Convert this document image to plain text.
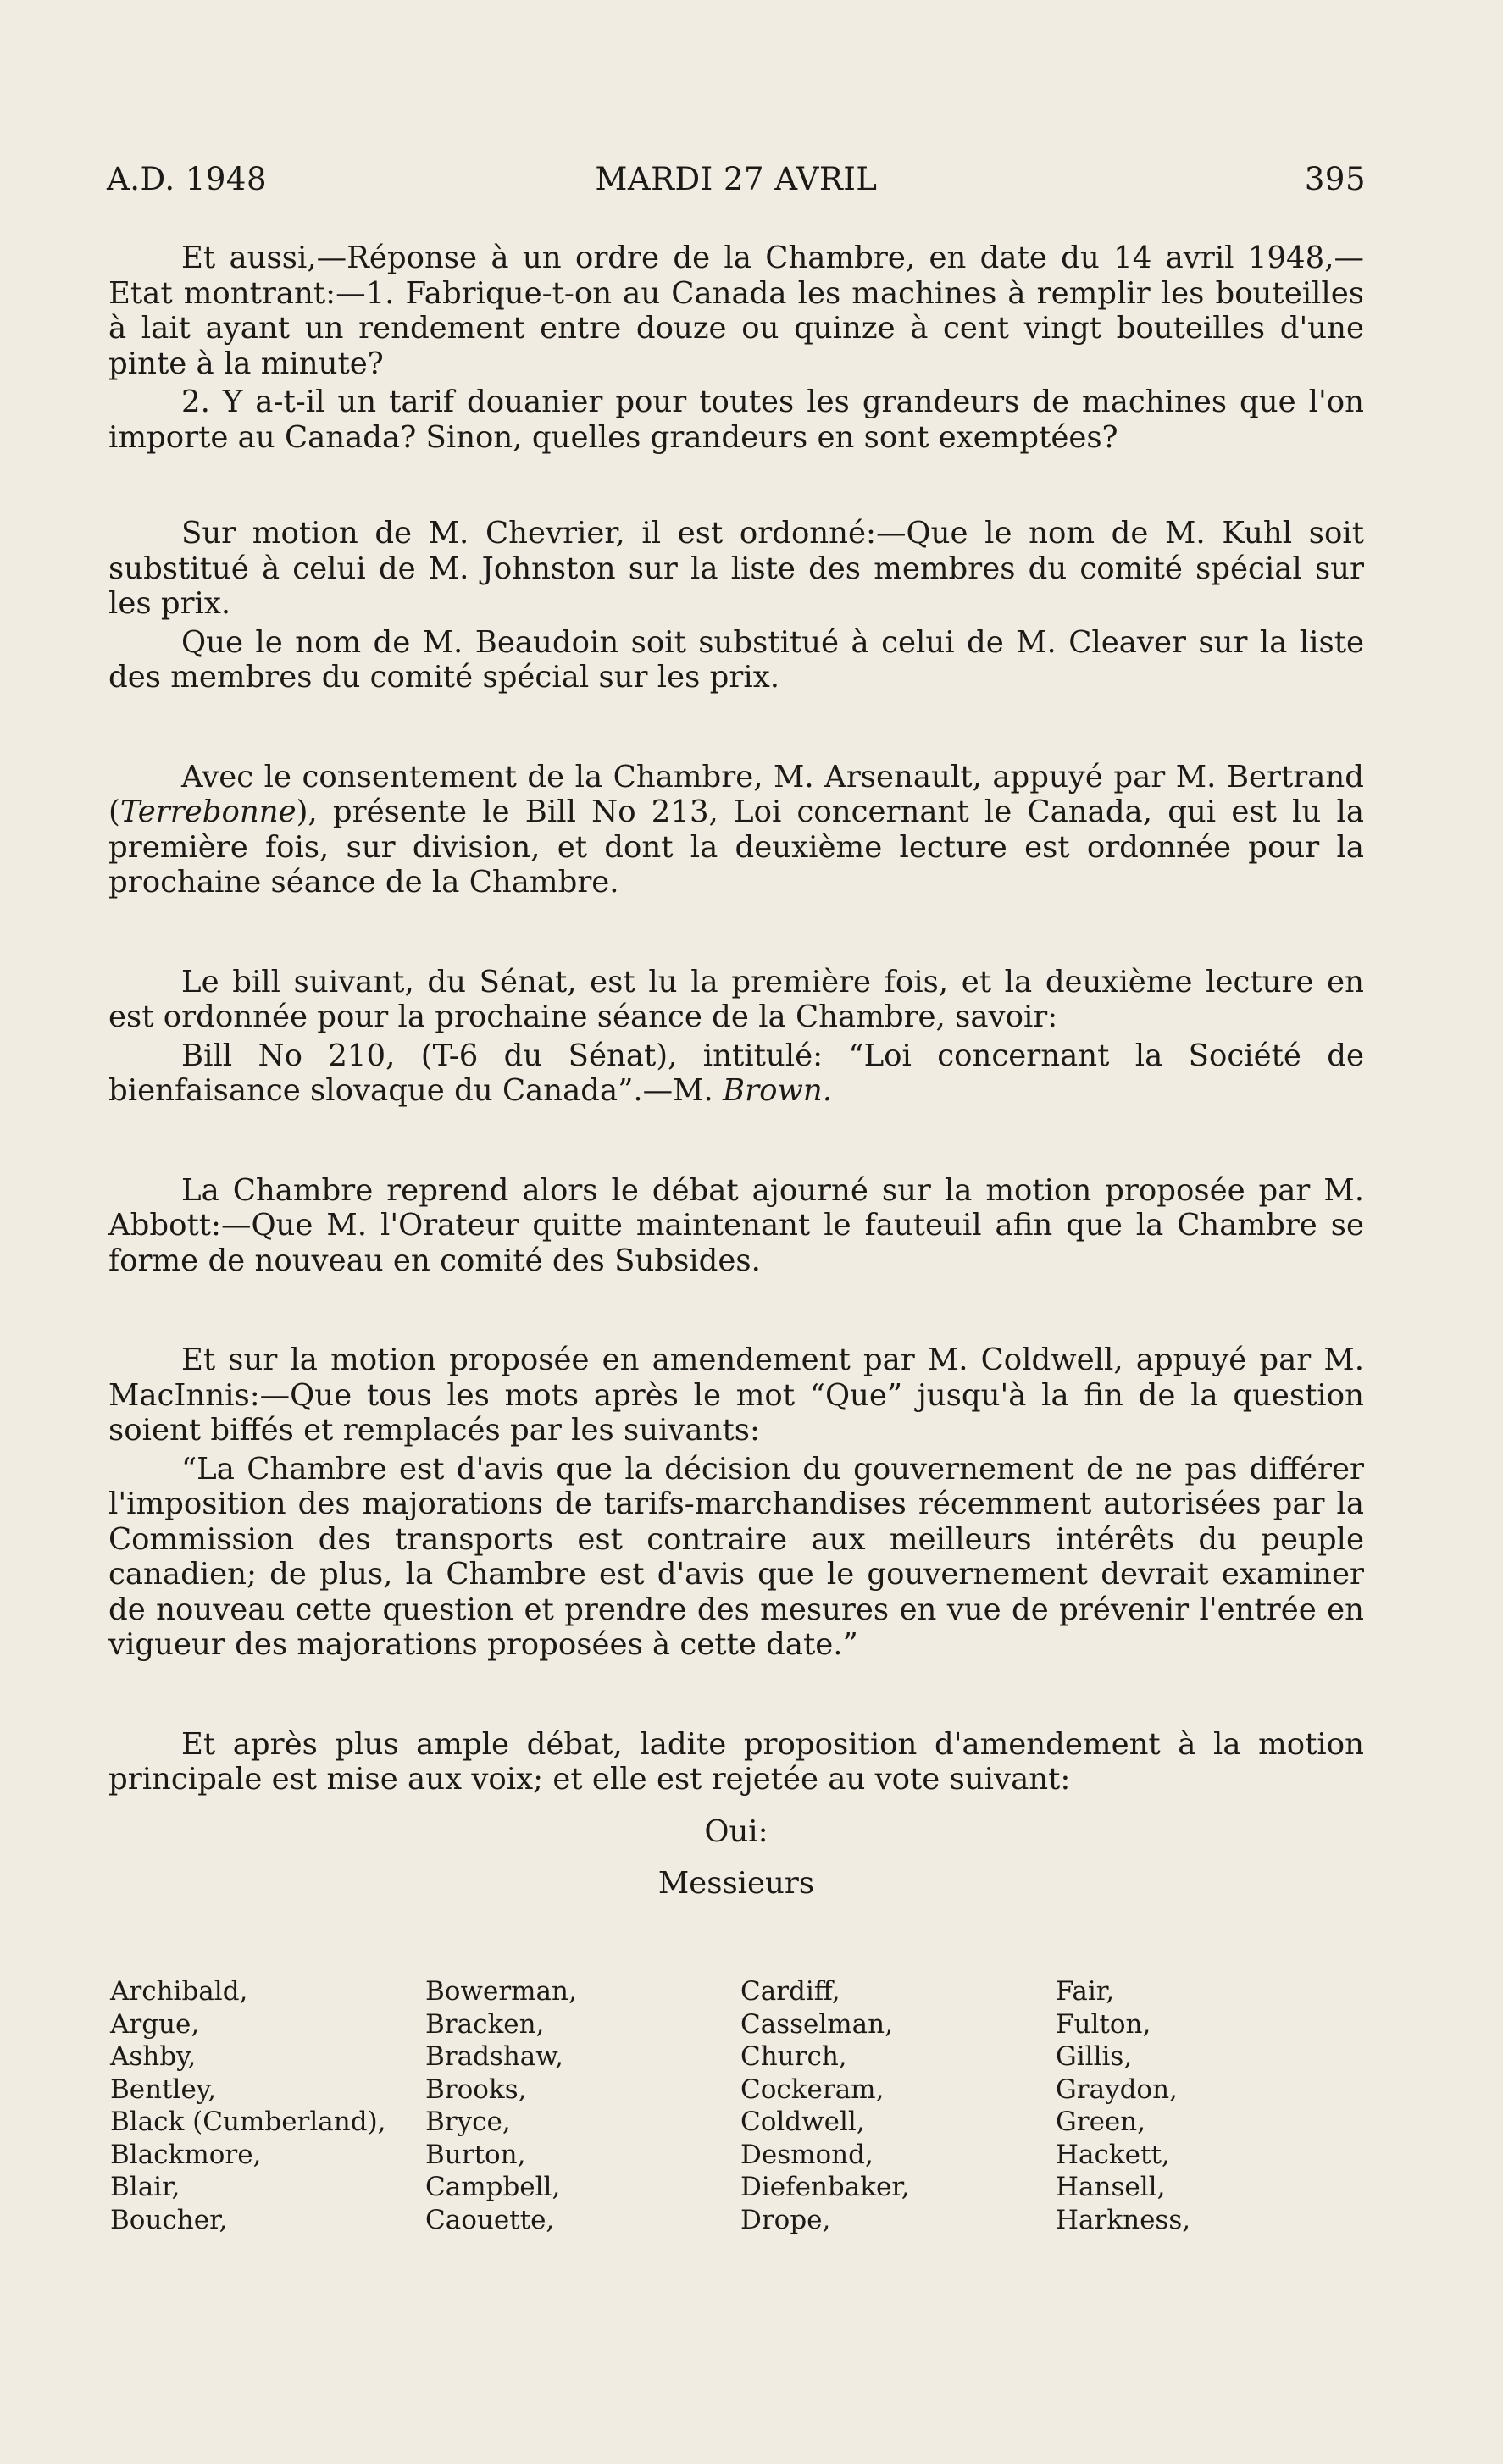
A.D. 1948	MARDI 27 AVRIL	395

Et aussi,—Réponse à un ordre de la Chambre, en date du 14 avril 1948,—Etat montrant:—1. Fabrique-t-on au Canada les machines à remplir les bouteilles à lait ayant un rendement entre douze ou quinze à cent vingt bouteilles d'une pinte à la minute?

2. Y a-t-il un tarif douanier pour toutes les grandeurs de machines que l'on importe au Canada? Sinon, quelles grandeurs en sont exemptées?

Sur motion de M. Chevrier, il est ordonné:—Que le nom de M. Kuhl soit substitué à celui de M. Johnston sur la liste des membres du comité spécial sur les prix.

Que le nom de M. Beaudoin soit substitué à celui de M. Cleaver sur la liste des membres du comité spécial sur les prix.

Avec le consentement de la Chambre, M. Arsenault, appuyé par M. Bertrand (Terrebonne), présente le Bill No 213, Loi concernant le Canada, qui est lu la première fois, sur division, et dont la deuxième lecture est ordonnée pour la prochaine séance de la Chambre.

Le bill suivant, du Sénat, est lu la première fois, et la deuxième lecture en est ordonnée pour la prochaine séance de la Chambre, savoir:

Bill No 210, (T-6 du Sénat), intitulé: “Loi concernant la Société de bienfaisance slovaque du Canada”.—M. Brown.

La Chambre reprend alors le débat ajourné sur la motion proposée par M. Abbott:—Que M. l'Orateur quitte maintenant le fauteuil afin que la Chambre se forme de nouveau en comité des Subsides.

Et sur la motion proposée en amendement par M. Coldwell, appuyé par M. MacInnis:—Que tous les mots après le mot “Que” jusqu'à la fin de la question soient biffés et remplacés par les suivants:

“La Chambre est d'avis que la décision du gouvernement de ne pas différer l'imposition des majorations de tarifs-marchandises récemment autorisées par la Commission des transports est contraire aux meilleurs intérêts du peuple canadien; de plus, la Chambre est d'avis que le gouvernement devrait examiner de nouveau cette question et prendre des mesures en vue de prévenir l'entrée en vigueur des majorations proposées à cette date.”

Et après plus ample débat, ladite proposition d'amendement à la motion principale est mise aux voix; et elle est rejetée au vote suivant:

Oui:

Messieurs

Archibald,
Argue,
Ashby,
Bentley,
Black (Cumberland),
Blackmore,
Blair,
Boucher,
Bowerman,
Bracken,
Bradshaw,
Brooks,
Bryce,
Burton,
Campbell,
Caouette,
Cardiff,
Casselman,
Church,
Cockeram,
Coldwell,
Desmond,
Diefenbaker,
Drope,
Fair,
Fulton,
Gillis,
Graydon,
Green,
Hackett,
Hansell,
Harkness,
